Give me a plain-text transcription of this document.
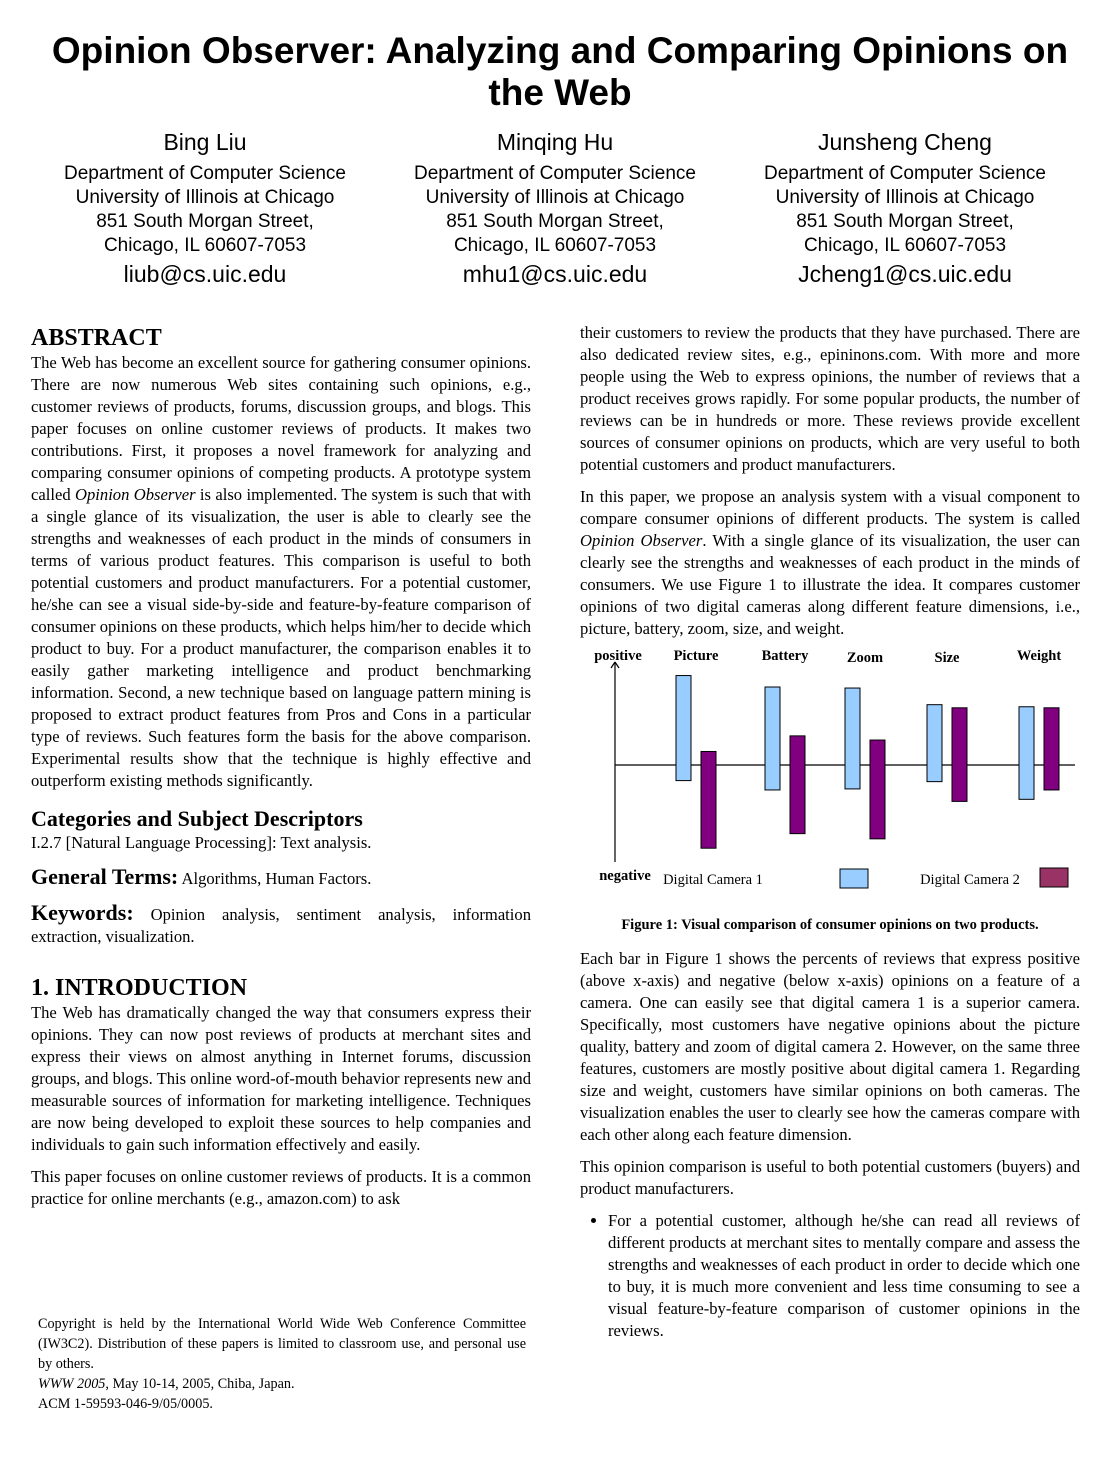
Opinion Observer: Analyzing and Comparing Opinions on the Web
Bing Liu
Department of Computer Science
University of Illinois at Chicago
851 South Morgan Street,
Chicago, IL 60607-7053
liub@cs.uic.edu
Minqing Hu
Department of Computer Science
University of Illinois at Chicago
851 South Morgan Street,
Chicago, IL 60607-7053
mhu1@cs.uic.edu
Junsheng Cheng
Department of Computer Science
University of Illinois at Chicago
851 South Morgan Street,
Chicago, IL 60607-7053
Jcheng1@cs.uic.edu
ABSTRACT

The Web has become an excellent source for gathering consumer opinions. There are now numerous Web sites containing such opinions, e.g., customer reviews of products, forums, discussion groups, and blogs. This paper focuses on online customer reviews of products. It makes two contributions. First, it proposes a novel framework for analyzing and comparing consumer opinions of competing products. A prototype system called Opinion Observer is also implemented. The system is such that with a single glance of its visualization, the user is able to clearly see the strengths and weaknesses of each product in the minds of consumers in terms of various product features. This comparison is useful to both potential customers and product manufacturers. For a potential customer, he/she can see a visual side-by-side and feature-by-feature comparison of consumer opinions on these products, which helps him/her to decide which product to buy. For a product manufacturer, the comparison enables it to easily gather marketing intelligence and product benchmarking information. Second, a new technique based on language pattern mining is proposed to extract product features from Pros and Cons in a particular type of reviews. Such features form the basis for the above comparison. Experimental results show that the technique is highly effective and outperform existing methods significantly.

Categories and Subject Descriptors

I.2.7 [Natural Language Processing]: Text analysis.

General Terms: Algorithms, Human Factors.
Keywords: Opinion analysis, sentiment analysis, information extraction, visualization.
1. INTRODUCTION

The Web has dramatically changed the way that consumers express their opinions. They can now post reviews of products at merchant sites and express their views on almost anything in Internet forums, discussion groups, and blogs. This online word-of-mouth behavior represents new and measurable sources of information for marketing intelligence. Techniques are now being developed to exploit these sources to help companies and individuals to gain such information effectively and easily.

This paper focuses on online customer reviews of products. It is a common practice for online merchants (e.g., amazon.com) to ask

Copyright is held by the International World Wide Web Conference Committee (IW3C2). Distribution of these papers is limited to classroom use, and personal use by others.
WWW 2005, May 10-14, 2005, Chiba, Japan.
ACM 1-59593-046-9/05/0005.

their customers to review the products that they have purchased. There are also dedicated review sites, e.g., epininons.com. With more and more people using the Web to express opinions, the number of reviews that a product receives grows rapidly. For some popular products, the number of reviews can be in hundreds or more. These reviews provide excellent sources of consumer opinions on products, which are very useful to both potential customers and product manufacturers.

In this paper, we propose an analysis system with a visual component to compare consumer opinions of different products. The system is called Opinion Observer. With a single glance of its visualization, the user can clearly see the strengths and weaknesses of each product in the minds of consumers. We use Figure 1 to illustrate the idea. It compares customer opinions of two digital cameras along different feature dimensions, i.e., picture, battery, zoom, size, and weight.

positive
negative
Picture	Battery	Zoom	Size	Weight
Digital Camera 1	Digital Camera 2
Figure 1: Visual comparison of consumer opinions on two products.

Each bar in Figure 1 shows the percents of reviews that express positive (above x-axis) and negative (below x-axis) opinions on a feature of a camera. One can easily see that digital camera 1 is a superior camera. Specifically, most customers have negative opinions about the picture quality, battery and zoom of digital camera 2. However, on the same three features, customers are mostly positive about digital camera 1. Regarding size and weight, customers have similar opinions on both cameras. The visualization enables the user to clearly see how the cameras compare with each other along each feature dimension.

This opinion comparison is useful to both potential customers (buyers) and product manufacturers.

• For a potential customer, although he/she can read all reviews of different products at merchant sites to mentally compare and assess the strengths and weaknesses of each product in order to decide which one to buy, it is much more convenient and less time consuming to see a visual feature-by-feature comparison of customer opinions in the reviews.
